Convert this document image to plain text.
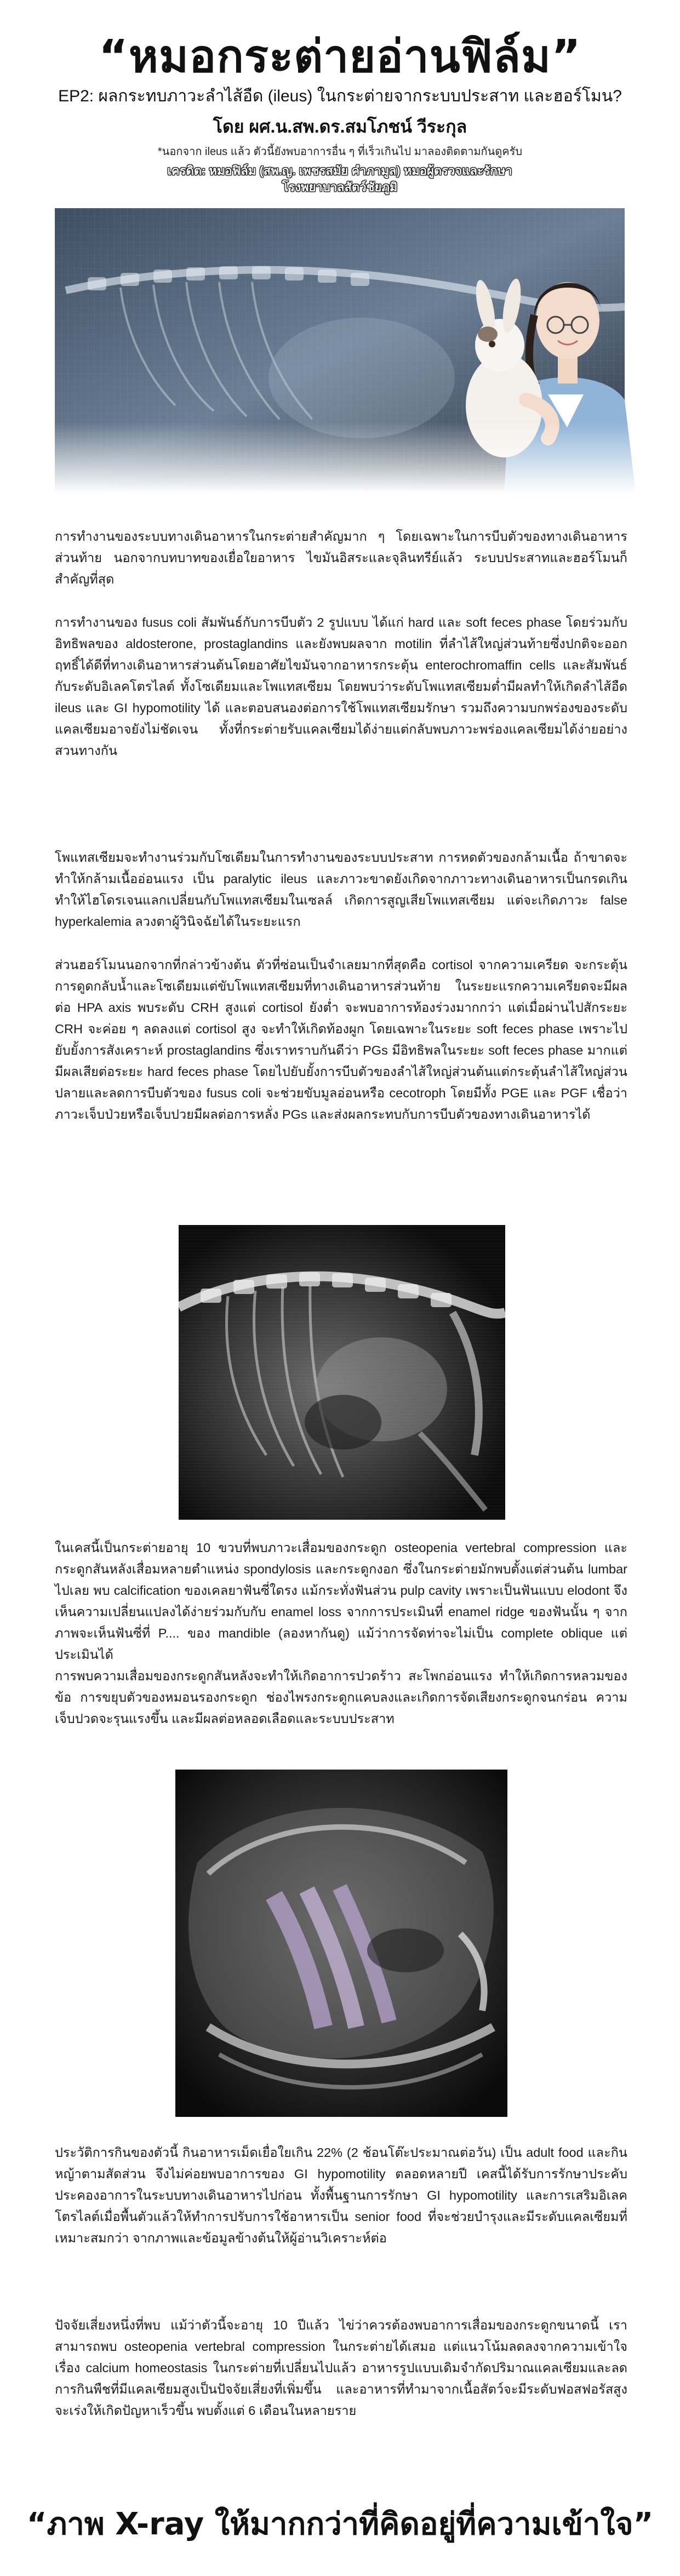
“หมอกระต่ายอ่านฟิล์ม”
EP2: ผลกระทบภาวะลำไส้อืด (ileus) ในกระต่ายจากระบบประสาท และฮอร์โมน?
โดย ผศ.น.สพ.ดร.สมโภชน์ วีระกุล
*นอกจาก ileus แล้ว ตัวนี้ยังพบอาการอื่น ๆ ที่เร็วเกินไป มาลองติดตามกันดูครับ
เครดิต: หมอฟิล์ม (สพ.ญ. เพชรสมัย คำภามูล) หมอผู้ตรวจและรักษา
โรงพยาบาลสัตว์ชัยภูมิ

การทำงานของระบบทางเดินอาหารในกระต่ายสำคัญมาก ๆ โดยเฉพาะในการบีบตัวของทางเดินอาหารส่วนท้าย นอกจากบทบาทของเยื่อใยอาหาร ไขมันอิสระและจุลินทรีย์แล้ว ระบบประสาทและฮอร์โมนก็สำคัญที่สุด

การทำงานของ fusus coli สัมพันธ์กับการบีบตัว 2 รูปแบบ ได้แก่ hard และ soft feces phase โดยร่วมกับอิทธิพลของ aldosterone, prostaglandins และยังพบผลจาก motilin ที่ลำไส้ใหญ่ส่วนท้ายซึ่งปกติจะออกฤทธิ์ได้ดีที่ทางเดินอาหารส่วนต้นโดยอาศัยไขมันจากอาหารกระตุ้น enterochromaffin cells และสัมพันธ์กับระดับอิเลคโตรไลต์ ทั้งโซเดียมและโพแทสเซียม โดยพบว่าระดับโพแทสเซียมต่ำมีผลทำให้เกิดลำไส้อืด ileus และ GI hypomotility ได้ และตอบสนองต่อการใช้โพแทสเซียมรักษา รวมถึงความบกพร่องของระดับแคลเซียมอาจยังไม่ชัดเจน ทั้งที่กระต่ายรับแคลเซียมได้ง่ายแต่กลับพบภาวะพร่องแคลเซียมได้ง่ายอย่างสวนทางกัน

โพแทสเซียมจะทำงานร่วมกับโซเดียมในการทำงานของระบบประสาท การหดตัวของกล้ามเนื้อ ถ้าขาดจะทำให้กล้ามเนื้ออ่อนแรง เป็น paralytic ileus และภาวะขาดยังเกิดจากภาวะทางเดินอาหารเป็นกรดเกิน ทำให้ไฮโดรเจนแลกเปลี่ยนกับโพแทสเซียมในเซลล์ เกิดการสูญเสียโพแทสเซียม แต่จะเกิดภาวะ false hyperkalemia ลวงตาผู้วินิจฉัยได้ในระยะแรก

ส่วนฮอร์โมนนอกจากที่กล่าวข้างต้น ตัวที่ซ่อนเป็นจำเลยมากที่สุดคือ cortisol จากความเครียด จะกระตุ้นการดูดกลับน้ำและโซเดียมแต่ขับโพแทสเซียมที่ทางเดินอาหารส่วนท้าย ในระยะแรกความเครียดจะมีผลต่อ HPA axis พบระดับ CRH สูงแต่ cortisol ยังต่ำ จะพบอาการท้องร่วงมากกว่า แต่เมื่อผ่านไปสักระยะ CRH จะค่อย ๆ ลดลงแต่ cortisol สูง จะทำให้เกิดท้องผูก โดยเฉพาะในระยะ soft feces phase เพราะไปยับยั้งการสังเคราะห์ prostaglandins ซึ่งเราทราบกันดีว่า PGs มีอิทธิพลในระยะ soft feces phase มากแต่มีผลเสียต่อระยะ hard feces phase โดยไปยับยั้งการบีบตัวของลำไส้ใหญ่ส่วนต้นแต่กระตุ้นลำไส้ใหญ่ส่วนปลายและลดการบีบตัวของ fusus coli จะช่วยขับมูลอ่อนหรือ cecotroph โดยมีทั้ง PGE และ PGF เชื่อว่าภาวะเจ็บป่วยหรือเจ็บปวยมีผลต่อการหลั่ง PGs และส่งผลกระทบกับการบีบตัวของทางเดินอาหารได้

ในเคสนี้เป็นกระต่ายอายุ 10 ขวบที่พบภาวะเสื่อมของกระดูก osteopenia vertebral compression และกระดูกสันหลังเสื่อมหลายตำแหน่ง spondylosis และกระดูกงอก ซึ่งในกระต่ายมักพบตั้งแต่ส่วนต้น lumbar ไปเลย พบ calcification ของเคลยาฟันซี่ใดรง แม้กระทั่งฟันส่วน pulp cavity เพราะเป็นฟันแบบ elodont จึงเห็นความเปลี่ยนแปลงได้ง่ายร่วมกับกับ enamel loss จากการประเมินที่ enamel ridge ของฟันนั้น ๆ จากภาพจะเห็นฟันซี่ที่ P.... ของ mandible (ลองหากันดู) แม้ว่าการจัดท่าจะไม่เป็น complete oblique แต่ประเมินได้

การพบความเสื่อมของกระดูกสันหลังจะทำให้เกิดอาการปวดร้าว สะโพกอ่อนแรง ทำให้เกิดการหลวมของข้อ การขยุบตัวของหมอนรองกระดูก ช่องไพรงกระดูกแคบลงและเกิดการจัดเสียงกระดูกจนกร่อน ความเจ็บปวดจะรุนแรงขึ้น และมีผลต่อหลอดเลือดและระบบประสาท

ประวัติการกินของตัวนี้ กินอาหารเม็ดเยื่อใยเกิน 22% (2 ช้อนโต๊ะประมาณต่อวัน) เป็น adult food และกินหญ้าตามสัดส่วน จึงไม่ค่อยพบอาการของ GI hypomotility ตลอดหลายปี เคสนี้ได้รับการรักษาประคับประคองอาการในระบบทางเดินอาหารไปก่อน ทั้งพื้นฐานการรักษา GI hypomotility และการเสริมอิเลคโตรไลต์เมื่อพื้นตัวแล้วให้ทำการปรับการใช้อาหารเป็น senior food ที่จะช่วยบำรุงและมีระดับแคลเซียมที่เหมาะสมกว่า จากภาพและข้อมูลข้างต้นให้ผู้อ่านวิเคราะห์ต่อ

ปัจจัยเสี่ยงหนึ่งที่พบ แม้ว่าตัวนี้จะอายุ 10 ปีแล้ว ไข่ว่าควรต้องพบอาการเสื่อมของกระดูกขนาดนี้ เราสามารถพบ osteopenia vertebral compression ในกระต่ายได้เสมอ แต่แนวโน้มลดลงจากความเข้าใจเรื่อง calcium homeostasis ในกระต่ายที่เปลี่ยนไปแล้ว อาหารรูปแบบเดิมจำกัดปริมาณแคลเซียมและลดการกินพืชที่มีแคลเซียมสูงเป็นปัจจัยเสี่ยงที่เพิ่มขึ้น และอาหารที่ทำมาจากเนื้อสัตว์จะมีระดับฟอสฟอรัสสูงจะเร่งให้เกิดปัญหาเร็วขึ้น พบตั้งแต่ 6 เดือนในหลายราย

“ภาพ X-ray ให้มากกว่าที่คิดอยู่ที่ความเข้าใจ”
